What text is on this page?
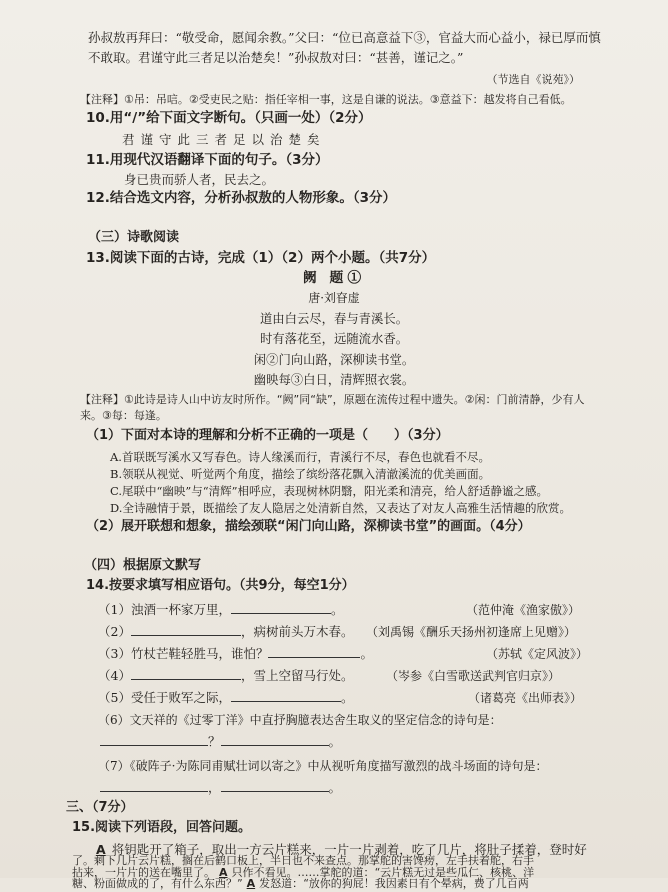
孙叔敖再拜曰：“敬受命，愿闻余教。”父曰：“位已高意益下③，官益大而心益小，禄已厚而慎
不敢取。君谨守此三者足以治楚矣！”孙叔敖对曰：“甚善，谨记之。”
（节选自《说苑》）
【注释】①吊：吊唁。②受吏民之贴：指任宰相一事，这是自谦的说法。③意益下：越发将自己看低。
10.用“/”给下面文字断句。（只画一处）（2分）
君谨守此三者足以治楚矣
11.用现代汉语翻译下面的句子。（3分）
身已贵而骄人者，民去之。
12.结合选文内容，分析孙叔敖的人物形象。（3分）
（三）诗歌阅读
13.阅读下面的古诗，完成（1）（2）两个小题。（共7分）
阙 题①
唐·刘眘虚
道由白云尽，春与青溪长。
时有落花至，远随流水香。
闲②门向山路，深柳读书堂。
幽映每③白日，清辉照衣裳。
【注释】①此诗是诗人山中访友时所作。“阙”同“缺”，原题在流传过程中遗失。②闲：门前清静，少有人
来。③每：每逢。
（1）下面对本诗的理解和分析不正确的一项是（　　）（3分）
A.首联既写溪水又写春色。诗人缘溪而行，青溪行不尽，春色也就看不尽。
B.领联从视觉、听觉两个角度，描绘了缤纷落花飘入清澈溪流的优美画面。
C.尾联中“幽映”与“清辉”相呼应，表现树林阴翳，阳光柔和清亮，给人舒适静谧之感。
D.全诗融情于景，既描绘了友人隐居之处清新自然，又表达了对友人高雅生活情趣的欣赏。
（2）展开联想和想象，描绘颈联“闲门向山路，深柳读书堂”的画面。（4分）
（四）根据原文默写
14.按要求填写相应语句。（共9分，每空1分）
（1）浊酒一杯家万里，	。	（范仲淹《渔家傲》）
（2）	，病树前头万木春。 （刘禹锡《酬乐天扬州初逢席上见赠》）
（3）竹杖芒鞋轻胜马，谁怕？	。	（苏轼《定风波》）
（4）	，雪上空留马行处。	（岑参《白雪歌送武判官归京》）
（5）受任于败军之际，	。	（诸葛亮《出师表》）
（6）文天祥的《过零丁洋》中直抒胸臆表达舍生取义的坚定信念的诗句是：
？	。
（7）《破阵子·为陈同甫赋壮词以寄之》中从视听角度描写激烈的战斗场面的诗句是：
，	。
三、（7分）
15.阅读下列语段，回答问题。
A 将钥匙开了箱子，取出一方云片糕来，一片一片剥着，吃了几片，将肚子揉着，登时好
了。剩下几片云片糕，搁在后鹤口板上，半日也不来查点。那掌舵的害馋痨，左手扶着舵，右手
拈来，一片片的送在嘴里了。 A 只作不看见。……掌舵的道：“云片糕无过是些瓜仁、核桃、洋
糖、粉面做成的了，有什么东西？” A 发怒道：“放你的狗屁！我因素日有个晕病，费了几百两
